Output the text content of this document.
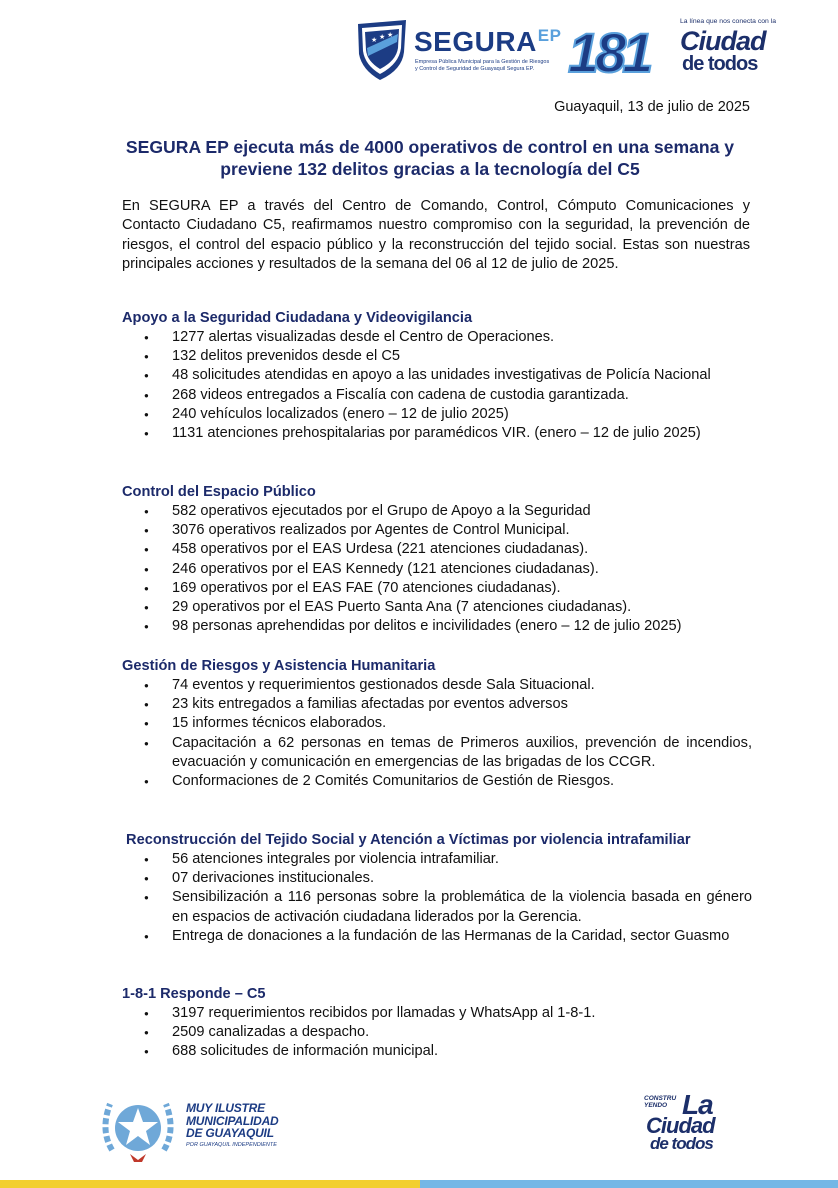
★ ★ ★ $SEGURA^{EP}$
Empresa Pública Municipal para la Gestión de Riesgos y Control de Seguridad de Guayaquil Segura EP. 181	La línea que nos conecta con la
Ciudad
de todos
Guayaquil, 13 de julio de 2025
SEGURA EP ejecuta más de 4000 operativos de control en una semana y previene 132 delitos gracias a la tecnología del C5

En SEGURA EP a través del Centro de Comando, Control, Cómputo Comunicaciones y Contacto Ciudadano C5, reafirmamos nuestro compromiso con la seguridad, la prevención de riesgos, el control del espacio público y la reconstrucción del tejido social. Estas son nuestras principales acciones y resultados de la semana del 06 al 12 de julio de 2025.

Apoyo a la Seguridad Ciudadana y Videovigilancia
● 1277 alertas visualizadas desde el Centro de Operaciones.
● 132 delitos prevenidos desde el C5
● 48 solicitudes atendidas en apoyo a las unidades investigativas de Policía Nacional
● 268 videos entregados a Fiscalía con cadena de custodia garantizada.
● 240 vehículos localizados (enero – 12 de julio 2025)
● 1131 atenciones prehospitalarias por paramédicos VIR. (enero – 12 de julio 2025)
Control del Espacio Público
● 582 operativos ejecutados por el Grupo de Apoyo a la Seguridad
● 3076 operativos realizados por Agentes de Control Municipal.
● 458 operativos por el EAS Urdesa (221 atenciones ciudadanas).
● 246 operativos por el EAS Kennedy (121 atenciones ciudadanas).
● 169 operativos por el EAS FAE (70 atenciones ciudadanas).
● 29 operativos por el EAS Puerto Santa Ana (7 atenciones ciudadanas).
● 98 personas aprehendidas por delitos e incivilidades (enero – 12 de julio 2025)
Gestión de Riesgos y Asistencia Humanitaria
● 74 eventos y requerimientos gestionados desde Sala Situacional.
● 23 kits entregados a familias afectadas por eventos adversos
● 15 informes técnicos elaborados.
● Capacitación a 62 personas en temas de Primeros auxilios, prevención de incendios, evacuación y comunicación en emergencias de las brigadas de los CCGR.
● Conformaciones de 2 Comités Comunitarios de Gestión de Riesgos.
Reconstrucción del Tejido Social y Atención a Víctimas por violencia intrafamiliar
● 56 atenciones integrales por violencia intrafamiliar.
● 07 derivaciones institucionales.
● Sensibilización a 116 personas sobre la problemática de la violencia basada en género en espacios de activación ciudadana liderados por la Gerencia.
● Entrega de donaciones a la fundación de las Hermanas de la Caridad, sector Guasmo
1-8-1 Responde – C5
● 3197 requerimientos recibidos por llamadas y WhatsApp al 1-8-1.
● 2509 canalizadas a despacho.
● 688 solicitudes de información municipal.
MUY ILUSTRE MUNICIPALIDAD DE GUAYAQUIL
POR GUAYAQUIL INDEPENDIENTE
CONSTRU YENDO La
Ciudad
de todos
